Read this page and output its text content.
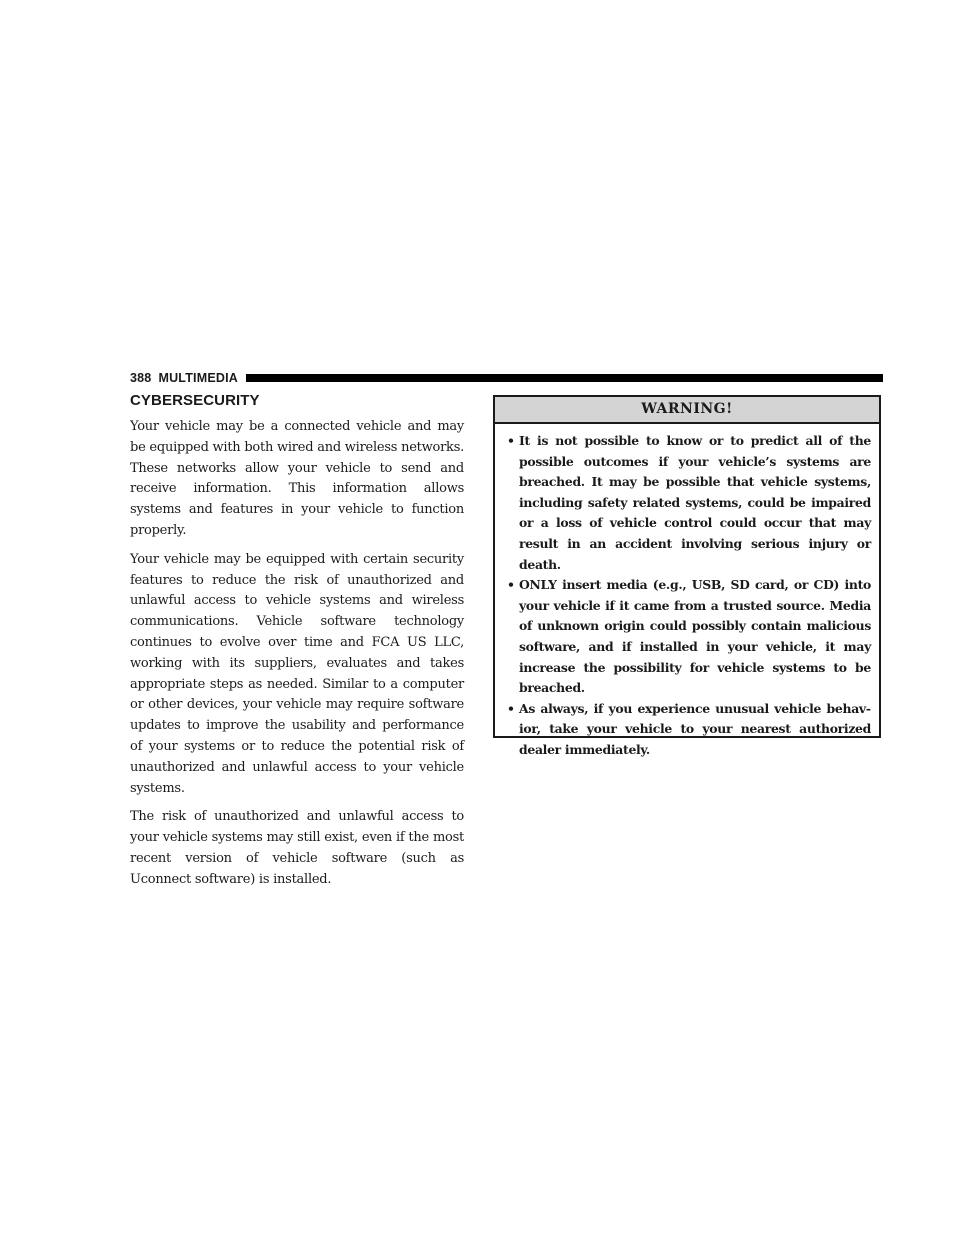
388 MULTIMEDIA
CYBERSECURITY

Your vehicle may be a connected vehicle and may be equipped with both wired and wireless networks. These networks allow your vehicle to send and receive information. This information allows systems and features in your vehicle to function properly.

Your vehicle may be equipped with certain security features to reduce the risk of unauthorized and unlawful access to vehicle systems and wireless communications. Vehicle software technology continues to evolve over time and FCA US LLC, working with its suppliers, evaluates and takes appropriate steps as needed. Similar to a computer or other devices, your vehicle may require software updates to improve the usability and performance of your systems or to reduce the potential risk of unauthorized and unlawful access to your vehicle systems.

The risk of unauthorized and unlawful access to your vehicle systems may still exist, even if the most recent version of vehicle software (such as Uconnect software) is installed.

WARNING!
• It is not possible to know or to predict all of the possible outcomes if your vehicle’s systems are breached. It may be possible that vehicle systems, including safety related systems, could be impaired or a loss of vehicle control could occur that may result in an accident involving serious injury or death.
• ONLY insert media (e.g., USB, SD card, or CD) into your vehicle if it came from a trusted source. Media of unknown origin could possibly contain malicious software, and if installed in your vehicle, it may increase the possibility for vehicle systems to be breached.
• As always, if you experience unusual vehicle behavior, take your vehicle to your nearest authorized dealer immediately.
